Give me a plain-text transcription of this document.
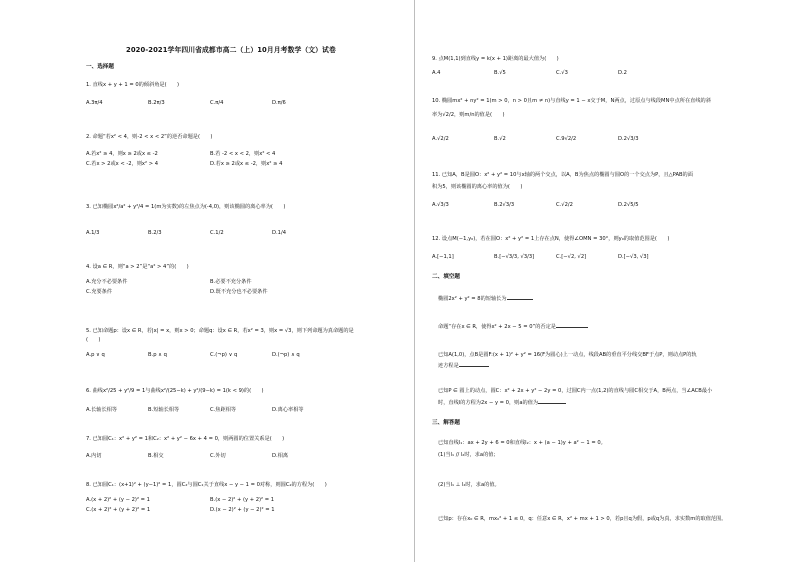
2020-2021学年四川省成都市高二（上）10月月考数学（文）试卷
一、选择题
1. 直线x + y + 1 = 0的倾斜角是(　　)
A.3π/4	B.2π/3	C.π/4	D.π/6
2. 命题“若x² < 4，则-2 < x < 2”的逆否命题是(　　)
A.若x² ≥ 4，则x ≥ 2或x ≤ -2	B.若 -2 < x < 2，则x² < 4
C.若x > 2或x < -2，则x² > 4	D.若x ≥ 2或x ≤ -2，则x² ≥ 4
3. 已知椭圆x²/a² + y²/4 = 1(m为实数)的左焦点为(-4,0)，则该椭圆的离心率为(　　)
A.1/3	B.2/3	C.1/2	D.1/4
4. 设a ∈ R，则“a > 2”是“a² > 4”的(　　)
A.充分不必要条件	B.必要不充分条件
C.充要条件	D.既不充分也不必要条件
5. 已知命题p：设x ∈ R，若|x| = x，则x > 0；命题q：设x ∈ R，若x² = 3，则x = √3，则下列命题为真命题的是
(　　)
A.p ∨ q	B.p ∧ q	C.(¬p) ∨ q	D.(¬p) ∧ q
6. 曲线x²/25 + y²/9 = 1与曲线x²/(25−k) + y²/(9−k) = 1(k < 9)的(　　)
A.长轴长相等	B.短轴长相等	C.焦距相等	D.离心率相等
7. 已知圆C₁：x² + y² = 1和C₂：x² + y² − 6x + 4 = 0，则两圆的位置关系是(　　)
A.内切	B.相交	C.外切	D.相离
8. 已知圆C₁：(x+1)² + (y−1)² = 1，圆C₂与圆C₁关于直线x − y − 1 = 0对称，则圆C₂的方程为(　　)
A.(x + 2)² + (y − 2)² = 1	B.(x − 2)² + (y + 2)² = 1
C.(x + 2)² + (y + 2)² = 1	D.(x − 2)² + (y − 2)² = 1
9. 点M(1,1)到直线y = k(x + 1)距离的最大值为(　　)
A.4	B.√5	C.√3	D.2
10. 椭圆mx² + ny² = 1(m > 0，n > 0且m ≠ n)与直线y = 1 − x交于M，N两点，过原点与线段MN中点所在直线的斜
率为√2/2，则m/n的值是(　　)
A.√2/2	B.√2	C.9√2/2	D.2√3/3
11. 已知A，B是圆O：x² + y² = 10与x轴的两个交点，以A，B为焦点的椭圆与圆O的一个交点为P，且△PAB的面
积为5，则该椭圆的离心率的值为(　　)
A.√3/3	B.2√3/3	C.√2/2	D.2√5/5
12. 设点M(−1,y₀)，若在圆O：x² + y² = 1上存在点N，使得∠OMN = 30°，则y₀的取值范围是(　　)
A.[−1,1]	B.[−√3/3, √3/3]	C.[−√2, √2]	D.[−√3, √3]
二、填空题
椭圆2x² + y² = 8的短轴长为
命题“存在x ∈ R，使得x² + 2x − 5 = 0”的否定是
已知A(1,0)，点B是圆F:(x + 1)² + y² = 16(F为圆心)上一动点，线段AB的垂直平分线交BF于点P，则动点P的轨
迹方程是
已知P ∈ 圆上的动点，圆C：x² + 2x + y² − 2y = 0，过圆C内一点(1,2)的直线与圆C相交于A，B两点，当∠ACB最小
时，直线l的方程为2x − y = 0，则a的值为
三、解答题
已知直线l₁：ax + 2y + 6 = 0和直线l₂：x + (a − 1)y + a² − 1 = 0。
(1)当l₁ // l₂时，求a的值；
(2)当l₁ ⊥ l₂时，求a的值。
已知p：存在x₀ ∈ R，mx₀² + 1 ≤ 0，q：任意x ∈ R，x² + mx + 1 > 0，若p且q为假，p或q为真，求实数m的取值范围。
